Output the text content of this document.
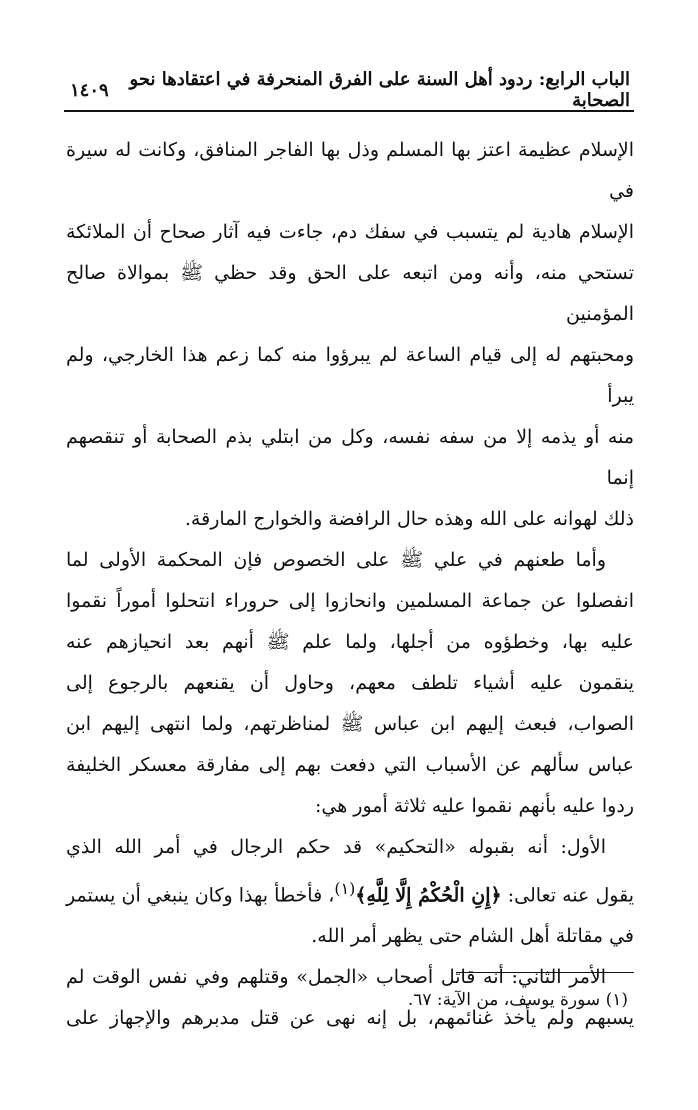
الباب الرابع: ردود أهل السنة على الفرق المنحرفة في اعتقادها نحو الصحابة
١٤٠٩

الإسلام عظيمة اعتز بها المسلم وذل بها الفاجر المنافق، وكانت له سيرة في

الإسلام هادية لم يتسبب في سفك دم، جاءت فيه آثار صحاح أن الملائكة

تستحي منه، وأنه ومن اتبعه على الحق وقد حظي ﷺ بموالاة صالح المؤمنين

ومحبتهم له إلى قيام الساعة لم يبرؤوا منه كما زعم هذا الخارجي، ولم يبرأ

منه أو يذمه إلا من سفه نفسه، وكل من ابتلي بذم الصحابة أو تنقصهم إنما

ذلك لهوانه على الله وهذه حال الرافضة والخوارج المارقة.

وأما طعنهم في علي ﷺ على الخصوص فإن المحكمة الأولى لما

انفصلوا عن جماعة المسلمين وانحازوا إلى حروراء انتحلوا أموراً نقموا

عليه بها، وخطؤوه من أجلها، ولما علم ﷺ أنهم بعد انحيازهم عنه

ينقمون عليه أشياء تلطف معهم، وحاول أن يقنعهم بالرجوع إلى

الصواب، فبعث إليهم ابن عباس ﷺ لمناظرتهم، ولما انتهى إليهم ابن

عباس سألهم عن الأسباب التي دفعت بهم إلى مفارقة معسكر الخليفة

ردوا عليه بأنهم نقموا عليه ثلاثة أمور هي:

الأول: أنه بقبوله «التحكيم» قد حكم الرجال في أمر الله الذي

يقول عنه تعالى: ﴿إِنِ الْحُكْمُ إِلَّا لِلَّهِ﴾$^{(١)}$، فأخطأ بهذا وكان ينبغي أن يستمر

في مقاتلة أهل الشام حتى يظهر أمر الله.

الأمر الثاني: أنه قاتل أصحاب «الجمل» وقتلهم وفي نفس الوقت لم

يسبهم ولم يأخذ غنائمهم، بل إنه نهى عن قتل مدبرهم والإجهاز على

(١) سورة يوسف، من الآية: ٦٧.
